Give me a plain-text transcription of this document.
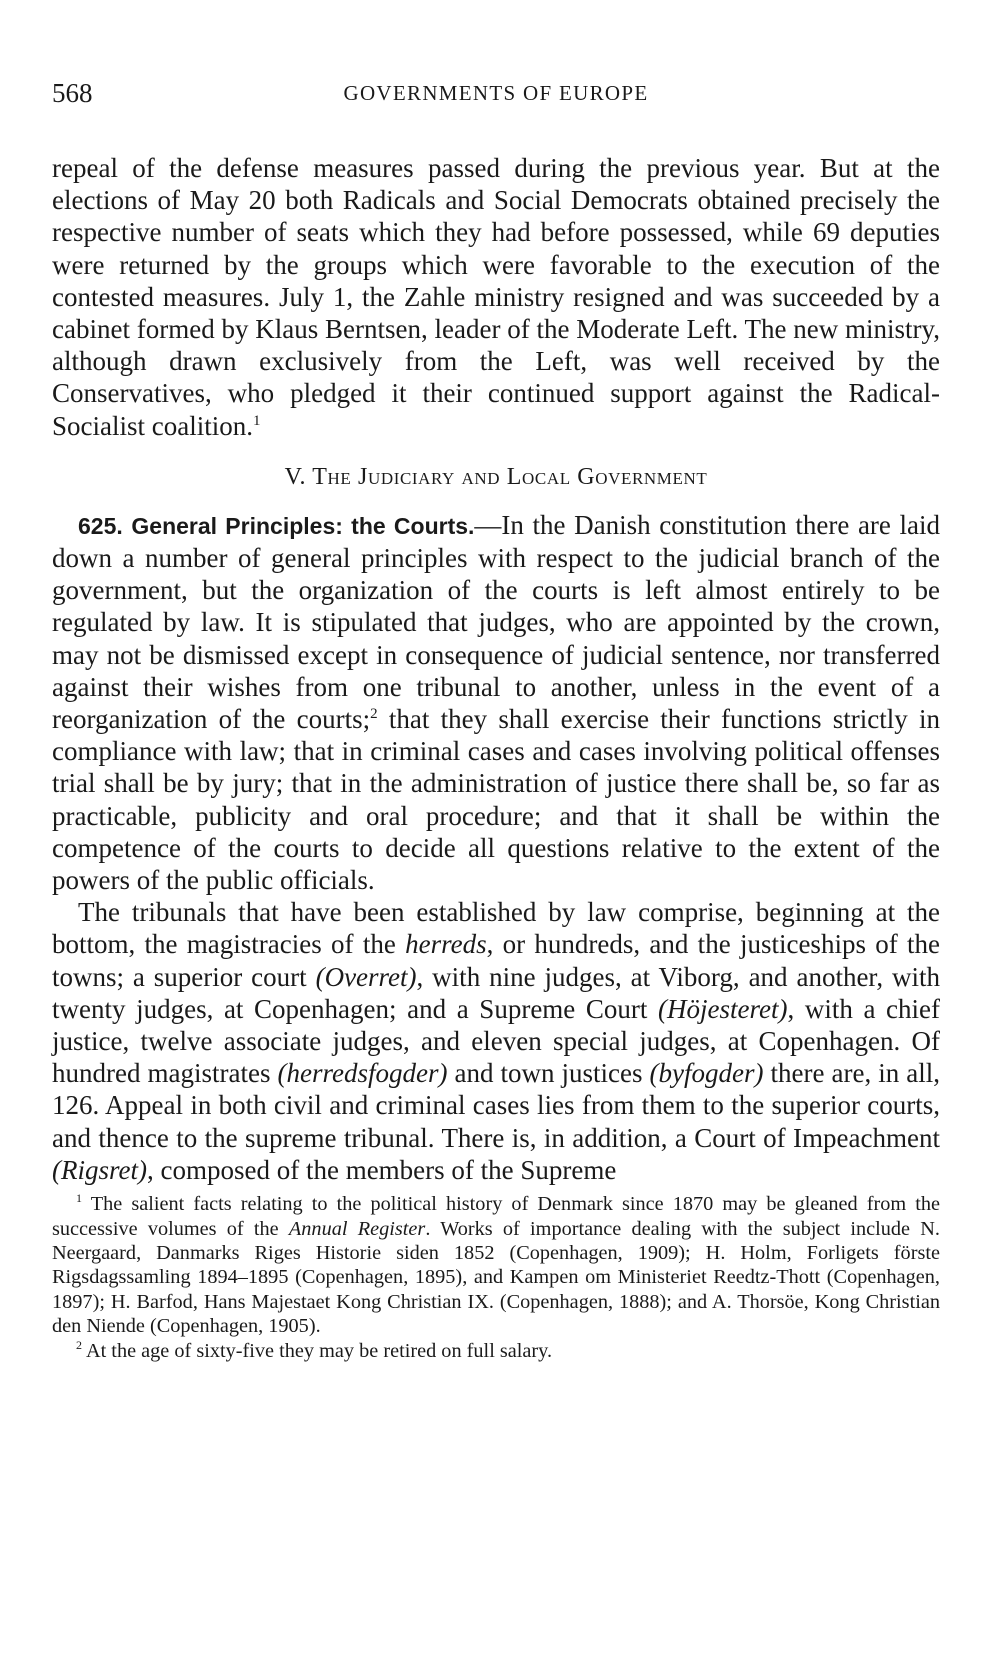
568	GOVERNMENTS OF EUROPE

repeal of the defense measures passed during the previous year. But at the elections of May 20 both Radicals and Social Democrats obtained precisely the respective number of seats which they had before possessed, while 69 deputies were returned by the groups which were favorable to the execution of the contested measures. July 1, the Zahle ministry resigned and was succeeded by a cabinet formed by Klaus Berntsen, leader of the Moderate Left. The new ministry, although drawn exclusively from the Left, was well received by the Conservatives, who pledged it their continued support against the Radical-Socialist coalition.$^1$

V. The Judiciary and Local Government

625. General Principles: the Courts.—In the Danish constitution there are laid down a number of general principles with respect to the judicial branch of the government, but the organization of the courts is left almost entirely to be regulated by law. It is stipulated that judges, who are appointed by the crown, may not be dismissed except in consequence of judicial sentence, nor transferred against their wishes from one tribunal to another, unless in the event of a reorganization of the courts;$^2$ that they shall exercise their functions strictly in compliance with law; that in criminal cases and cases involving political offenses trial shall be by jury; that in the administration of justice there shall be, so far as practicable, publicity and oral procedure; and that it shall be within the competence of the courts to decide all questions relative to the extent of the powers of the public officials.

The tribunals that have been established by law comprise, beginning at the bottom, the magistracies of the herreds, or hundreds, and the justiceships of the towns; a superior court (Overret), with nine judges, at Viborg, and another, with twenty judges, at Copenhagen; and a Supreme Court (Höjesteret), with a chief justice, twelve associate judges, and eleven special judges, at Copenhagen. Of hundred magistrates (herredsfogder) and town justices (byfogder) there are, in all, 126. Appeal in both civil and criminal cases lies from them to the superior courts, and thence to the supreme tribunal. There is, in addition, a Court of Impeachment (Rigsret), composed of the members of the Supreme

$^1$ The salient facts relating to the political history of Denmark since 1870 may be gleaned from the successive volumes of the Annual Register. Works of importance dealing with the subject include N. Neergaard, Danmarks Riges Historie siden 1852 (Copenhagen, 1909); H. Holm, Forligets förste Rigsdagssamling 1894–1895 (Copenhagen, 1895), and Kampen om Ministeriet Reedtz-Thott (Copenhagen, 1897); H. Barfod, Hans Majestaet Kong Christian IX. (Copenhagen, 1888); and A. Thorsöe, Kong Christian den Niende (Copenhagen, 1905).

$^2$ At the age of sixty-five they may be retired on full salary.
